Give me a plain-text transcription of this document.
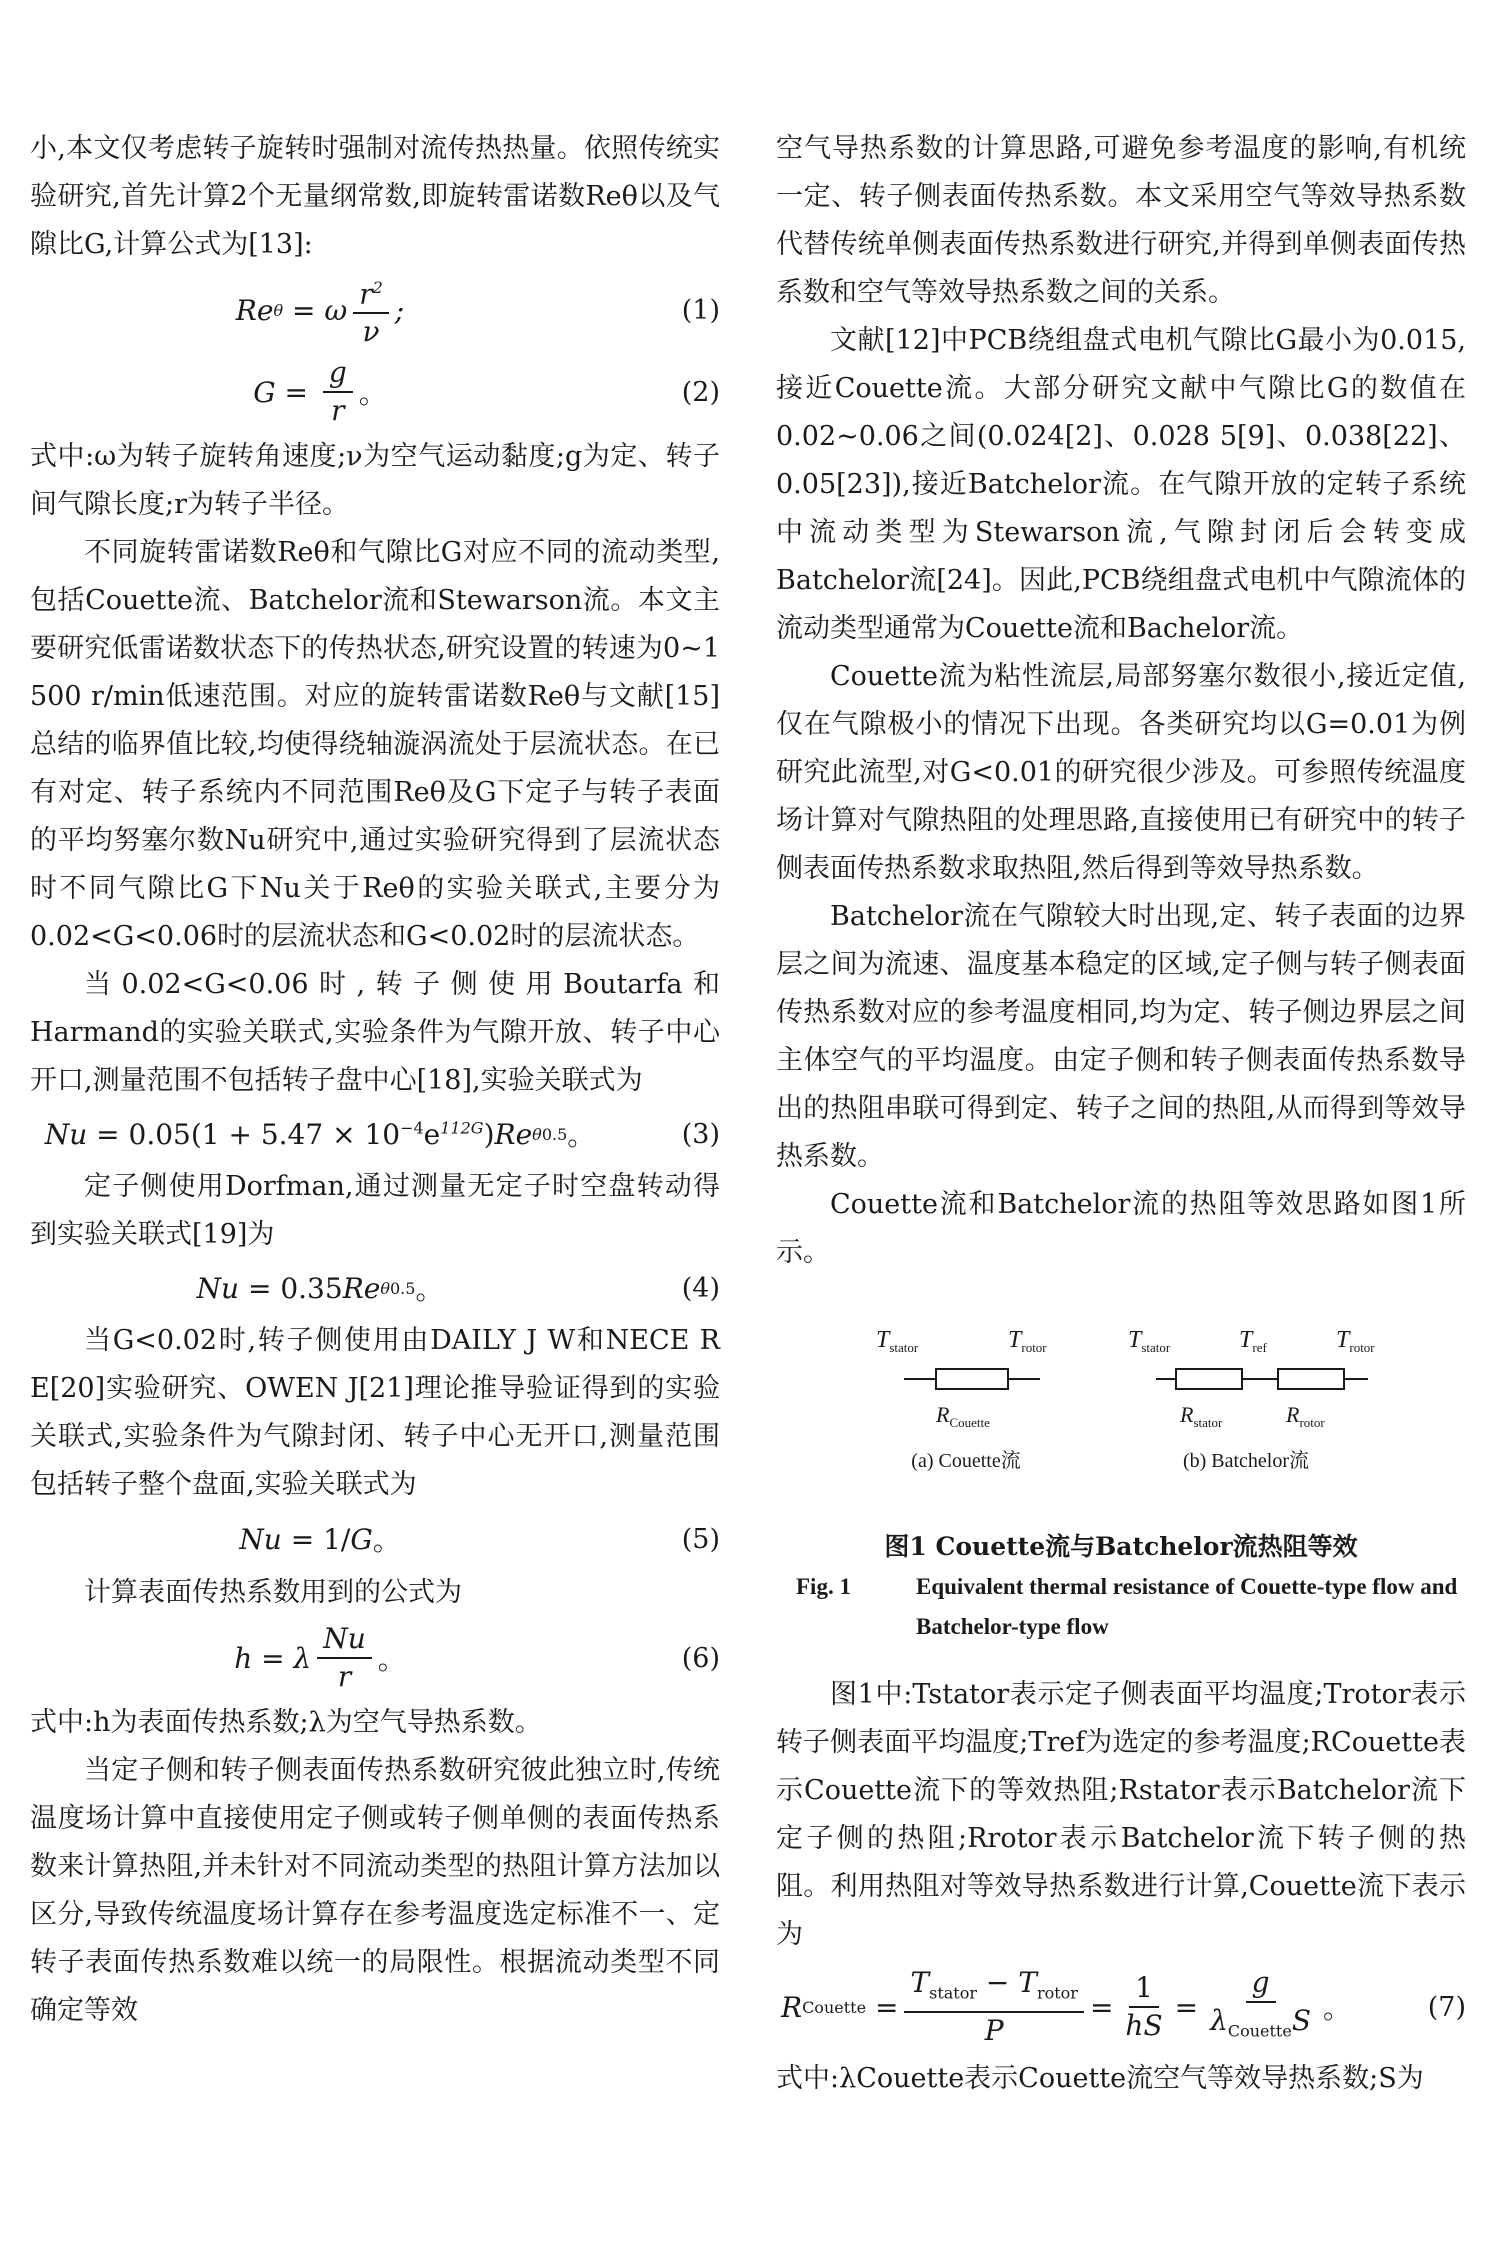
小,本文仅考虑转子旋转时强制对流传热热量。依照传统实验研究,首先计算2个无量纲常数,即旋转雷诺数Reθ以及气隙比G,计算公式为[13]:

Re θ = ω $\frac{r^2}{\nu}$ ;	(1)
$G = \frac{g}{r}$ 。	(2)

式中:ω为转子旋转角速度;ν为空气运动黏度;g为定、转子间气隙长度;r为转子半径。

不同旋转雷诺数Reθ和气隙比G对应不同的流动类型,包括Couette流、Batchelor流和Stewarson流。本文主要研究低雷诺数状态下的传热状态,研究设置的转速为0~1 500 r/min低速范围。对应的旋转雷诺数Reθ与文献[15]总结的临界值比较,均使得绕轴漩涡流处于层流状态。在已有对定、转子系统内不同范围Reθ及G下定子与转子表面的平均努塞尔数Nu研究中,通过实验研究得到了层流状态时不同气隙比G下Nu关于Reθ的实验关联式,主要分为0.02<G<0.06时的层流状态和G<0.02时的层流状态。

当0.02<G<0.06时,转子侧使用Boutarfa和Harmand的实验关联式,实验条件为气隙开放、转子中心开口,测量范围不包括转子盘中心[18],实验关联式为

$Nu = 0.05(1 + 5.47 \times 10^{-4}e^{112G})$ Re θ 0.5 。	(3)

定子侧使用Dorfman,通过测量无定子时空盘转动得到实验关联式[19]为

Nu = 0.35 Re θ 0.5 。	(4)

当G<0.02时,转子侧使用由DAILY J W和NECE R E[20]实验研究、OWEN J[21]理论推导验证得到的实验关联式,实验条件为气隙封闭、转子中心无开口,测量范围包括转子整个盘面,实验关联式为

Nu = 1/ G 。	(5)

计算表面传热系数用到的公式为

h = λ $\frac{Nu}{r}$ 。	(6)

式中:h为表面传热系数;λ为空气导热系数。

当定子侧和转子侧表面传热系数研究彼此独立时,传统温度场计算中直接使用定子侧或转子侧单侧的表面传热系数来计算热阻,并未针对不同流动类型的热阻计算方法加以区分,导致传统温度场计算存在参考温度选定标准不一、定转子表面传热系数难以统一的局限性。根据流动类型不同确定等效

空气导热系数的计算思路,可避免参考温度的影响,有机统一定、转子侧表面传热系数。本文采用空气等效导热系数代替传统单侧表面传热系数进行研究,并得到单侧表面传热系数和空气等效导热系数之间的关系。

文献[12]中PCB绕组盘式电机气隙比G最小为0.015,接近Couette流。大部分研究文献中气隙比G的数值在0.02~0.06之间(0.024[2]、0.028 5[9]、0.038[22]、0.05[23]),接近Batchelor流。在气隙开放的定转子系统中流动类型为Stewarson流,气隙封闭后会转变成Batchelor流[24]。因此,PCB绕组盘式电机中气隙流体的流动类型通常为Couette流和Bachelor流。

Couette流为粘性流层,局部努塞尔数很小,接近定值,仅在气隙极小的情况下出现。各类研究均以G=0.01为例研究此流型,对G<0.01的研究很少涉及。可参照传统温度场计算对气隙热阻的处理思路,直接使用已有研究中的转子侧表面传热系数求取热阻,然后得到等效导热系数。

Batchelor流在气隙较大时出现,定、转子表面的边界层之间为流速、温度基本稳定的区域,定子侧与转子侧表面传热系数对应的参考温度相同,均为定、转子侧边界层之间主体空气的平均温度。由定子侧和转子侧表面传热系数导出的热阻串联可得到定、转子之间的热阻,从而得到等效导热系数。

Couette流和Batchelor流的热阻等效思路如图1所示。

$T_{stator}$	$T_{rotor}$
$R_{Couette}$
(a) Couette流
$T_{stator}$	$T_{ref}$	$T_{rotor}$
$R_{stator}$	$R_{rotor}$
(b) Batchelor流
图1 Couette流与Batchelor流热阻等效
Fig. 1	Equivalent thermal resistance of Couette-type flow and Batchelor-type flow

图1中:Tstator表示定子侧表面平均温度;Trotor表示转子侧表面平均温度;Tref为选定的参考温度;RCouette表示Couette流下的等效热阻;Rstator表示Batchelor流下定子侧的热阻;Rrotor表示Batchelor流下转子侧的热阻。利用热阻对等效导热系数进行计算,Couette流下表示为

R Couette = $\frac{T_{stator} - T_{rotor}}{P} = \frac{1}{hS} = \frac{g}{\lambda_{Couette}S}$ 。	(7)

式中:λCouette表示Couette流空气等效导热系数;S为
